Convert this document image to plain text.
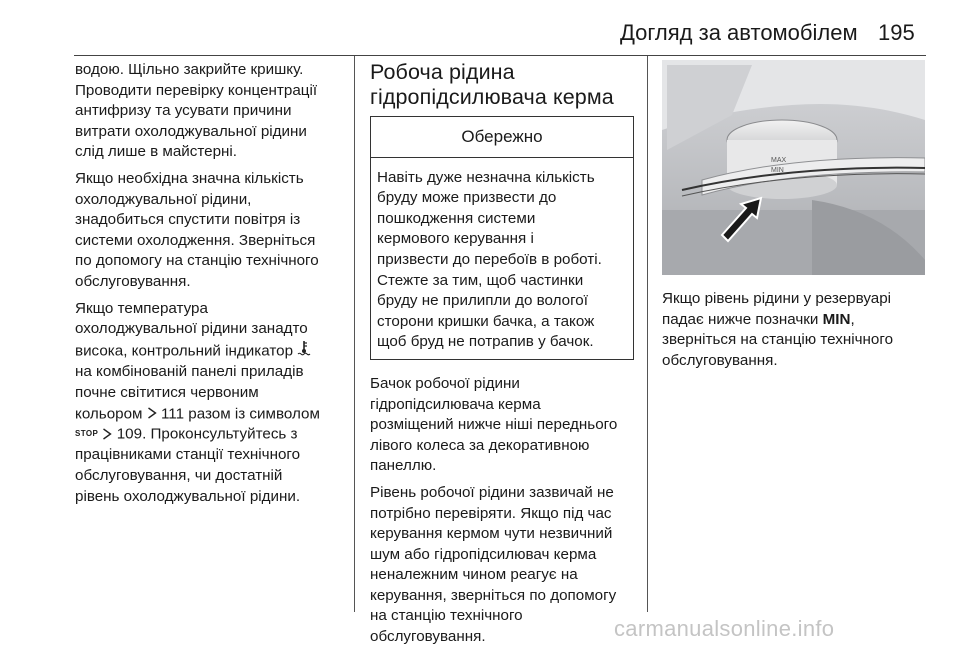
Догляд за автомобілем 195

водою. Щільно закрийте кришку.
Проводити перевірку концентрації
антифризу та усувати причини
витрати охолоджувальної рідини
слід лише в майстерні.

Якщо необхідна значна кількість
охолоджувальної рідини,
знадобиться спустити повітря із
системи охолодження. Зверніться
по допомогу на станцію технічного
обслуговування.

Якщо температура
охолоджувальної рідини занадто
висока, контрольний індикатор
на комбінованій панелі приладів
почне світитися червоним
кольором  111 разом із символом
STOP 109. Проконсультуйтесь з
працівниками станції технічного
обслуговування, чи достатній
рівень охолоджувальної рідини.

Робоча рідина
гідропідсилювача керма
Обережно
Навіть дуже незначна кількість
бруду може призвести до
пошкодження системи
кермового керування і
призвести до перебоїв в роботі.
Стежте за тим, щоб частинки
бруду не прилипли до вологої
сторони кришки бачка, а також
щоб бруд не потрапив у бачок.

Бачок робочої рідини
гідропідсилювача керма
розміщений нижче ніші переднього
лівого колеса за декоративною
панеллю.

Рівень робочої рідини зазвичай не
потрібно перевіряти. Якщо під час
керування кермом чути незвичний
шум або гідропідсилювач керма
неналежним чином реагує на
керування, зверніться по допомогу
на станцію технічного
обслуговування.

MAX
MIN

Якщо рівень рідини у резервуарі
падає нижче позначки MIN,
зверніться на станцію технічного
обслуговування.

carmanualsonline.info
